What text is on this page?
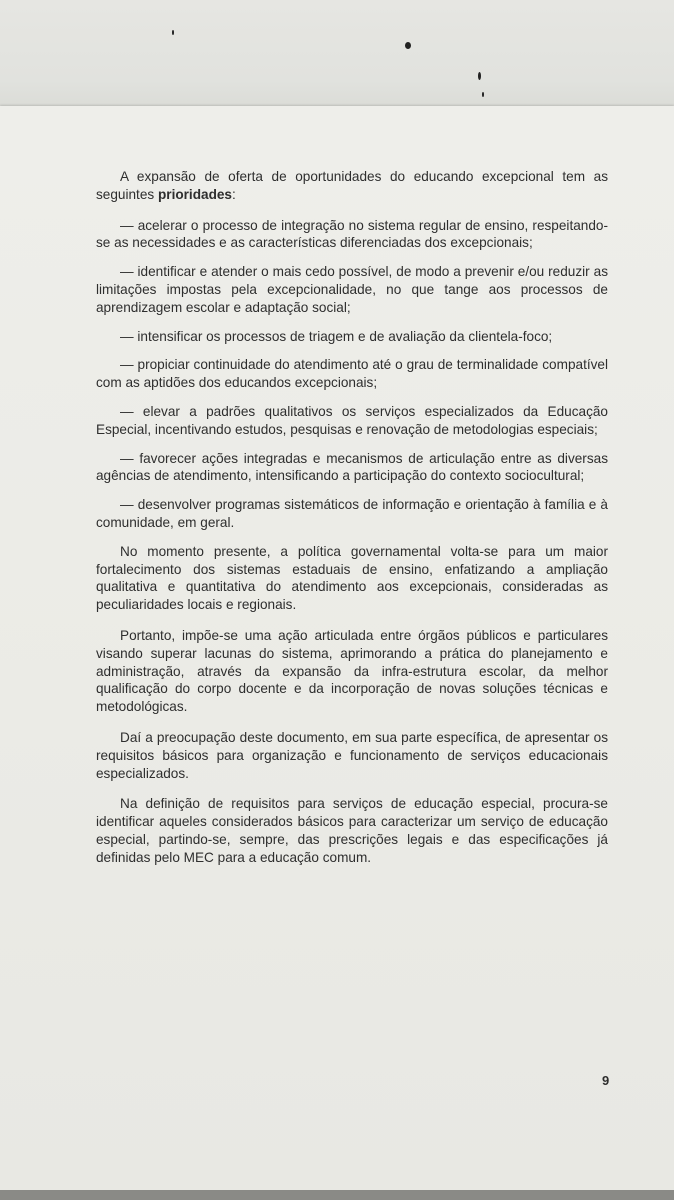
A expansão de oferta de oportunidades do educando excepcional tem as seguintes prioridades:

— acelerar o processo de integração no sistema regular de ensino, respeitando-se as necessidades e as características diferenciadas dos excepcionais;

— identificar e atender o mais cedo possível, de modo a prevenir e/ou reduzir as limitações impostas pela excepcionalidade, no que tange aos processos de aprendizagem escolar e adaptação social;

— intensificar os processos de triagem e de avaliação da clientela-foco;

— propiciar continuidade do atendimento até o grau de terminalidade compatível com as aptidões dos educandos excepcionais;

— elevar a padrões qualitativos os serviços especializados da Educação Especial, incentivando estudos, pesquisas e renovação de metodologias especiais;

— favorecer ações integradas e mecanismos de articulação entre as diversas agências de atendimento, intensificando a participação do contexto sociocultural;

— desenvolver programas sistemáticos de informação e orientação à família e à comunidade, em geral.

No momento presente, a política governamental volta-se para um maior fortalecimento dos sistemas estaduais de ensino, enfatizando a ampliação qualitativa e quantitativa do atendimento aos excepcionais, consideradas as peculiaridades locais e regionais.

Portanto, impõe-se uma ação articulada entre órgãos públicos e particulares visando superar lacunas do sistema, aprimorando a prática do planejamento e administração, através da expansão da infra-estrutura escolar, da melhor qualificação do corpo docente e da incorporação de novas soluções técnicas e metodológicas.

Daí a preocupação deste documento, em sua parte específica, de apresentar os requisitos básicos para organização e funcionamento de serviços educacionais especializados.

Na definição de requisitos para serviços de educação especial, procura-se identificar aqueles considerados básicos para caracterizar um serviço de educação especial, partindo-se, sempre, das prescrições legais e das especificações já definidas pelo MEC para a educação comum.

9
